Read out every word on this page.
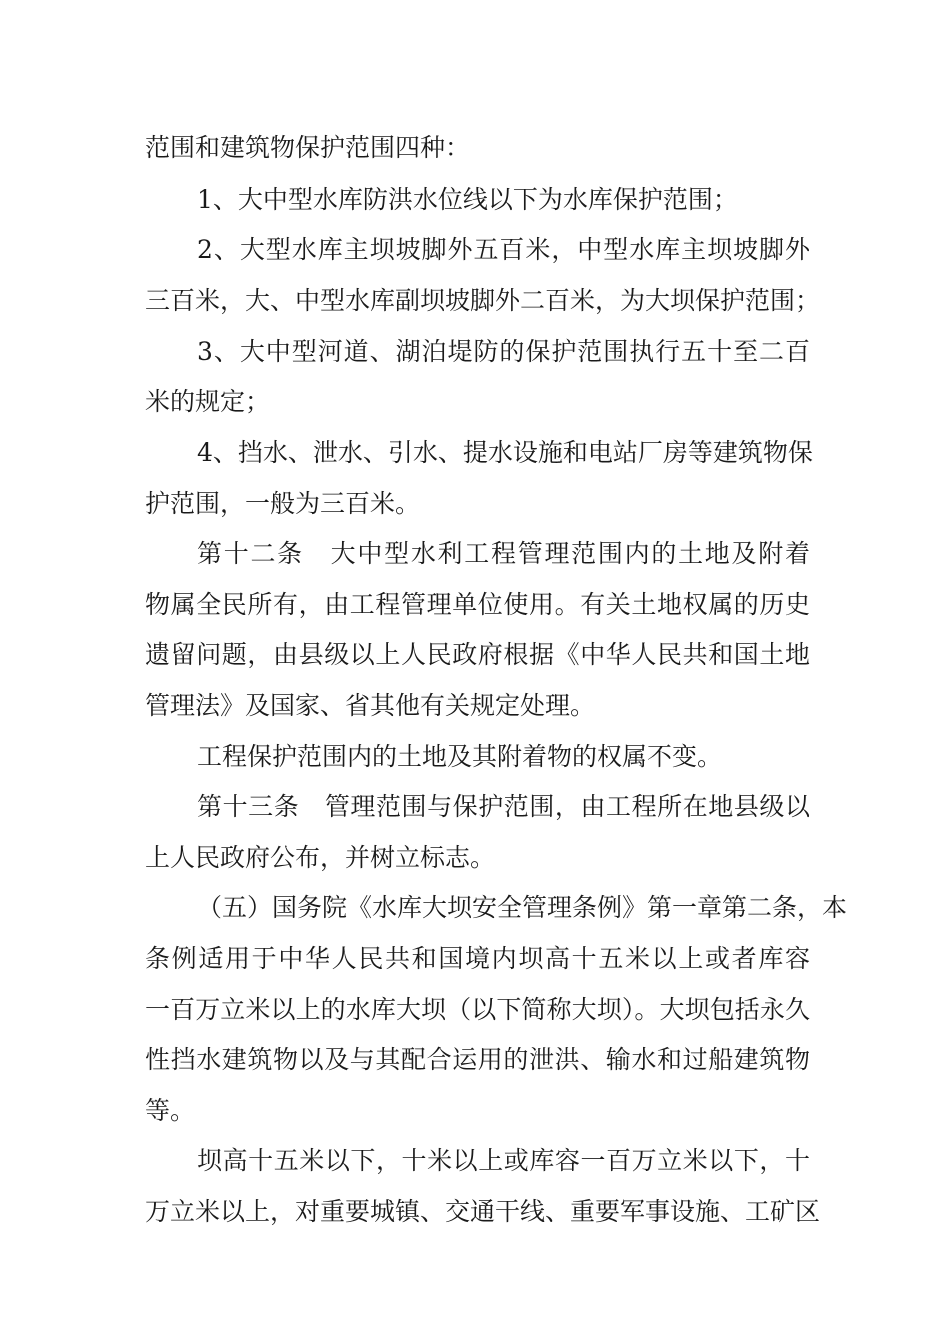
范围和建筑物保护范围四种：
1、大中型水库防洪水位线以下为水库保护范围；
2、大型水库主坝坡脚外五百米，中型水库主坝坡脚外
三百米，大、中型水库副坝坡脚外二百米，为大坝保护范围；
3、大中型河道、湖泊堤防的保护范围执行五十至二百
米的规定；
4、挡水、泄水、引水、提水设施和电站厂房等建筑物保
护范围，一般为三百米。
第十二条　大中型水利工程管理范围内的土地及附着
物属全民所有，由工程管理单位使用。有关土地权属的历史
遗留问题，由县级以上人民政府根据《中华人民共和国土地
管理法》及国家、省其他有关规定处理。
工程保护范围内的土地及其附着物的权属不变。
第十三条　管理范围与保护范围，由工程所在地县级以
上人民政府公布，并树立标志。
（五）国务院《水库大坝安全管理条例》第一章第二条，本
条例适用于中华人民共和国境内坝高十五米以上或者库容
一百万立米以上的水库大坝（以下简称大坝）。大坝包括永久
性挡水建筑物以及与其配合运用的泄洪、输水和过船建筑物
等。
坝高十五米以下，十米以上或库容一百万立米以下，十
万立米以上，对重要城镇、交通干线、重要军事设施、工矿区
